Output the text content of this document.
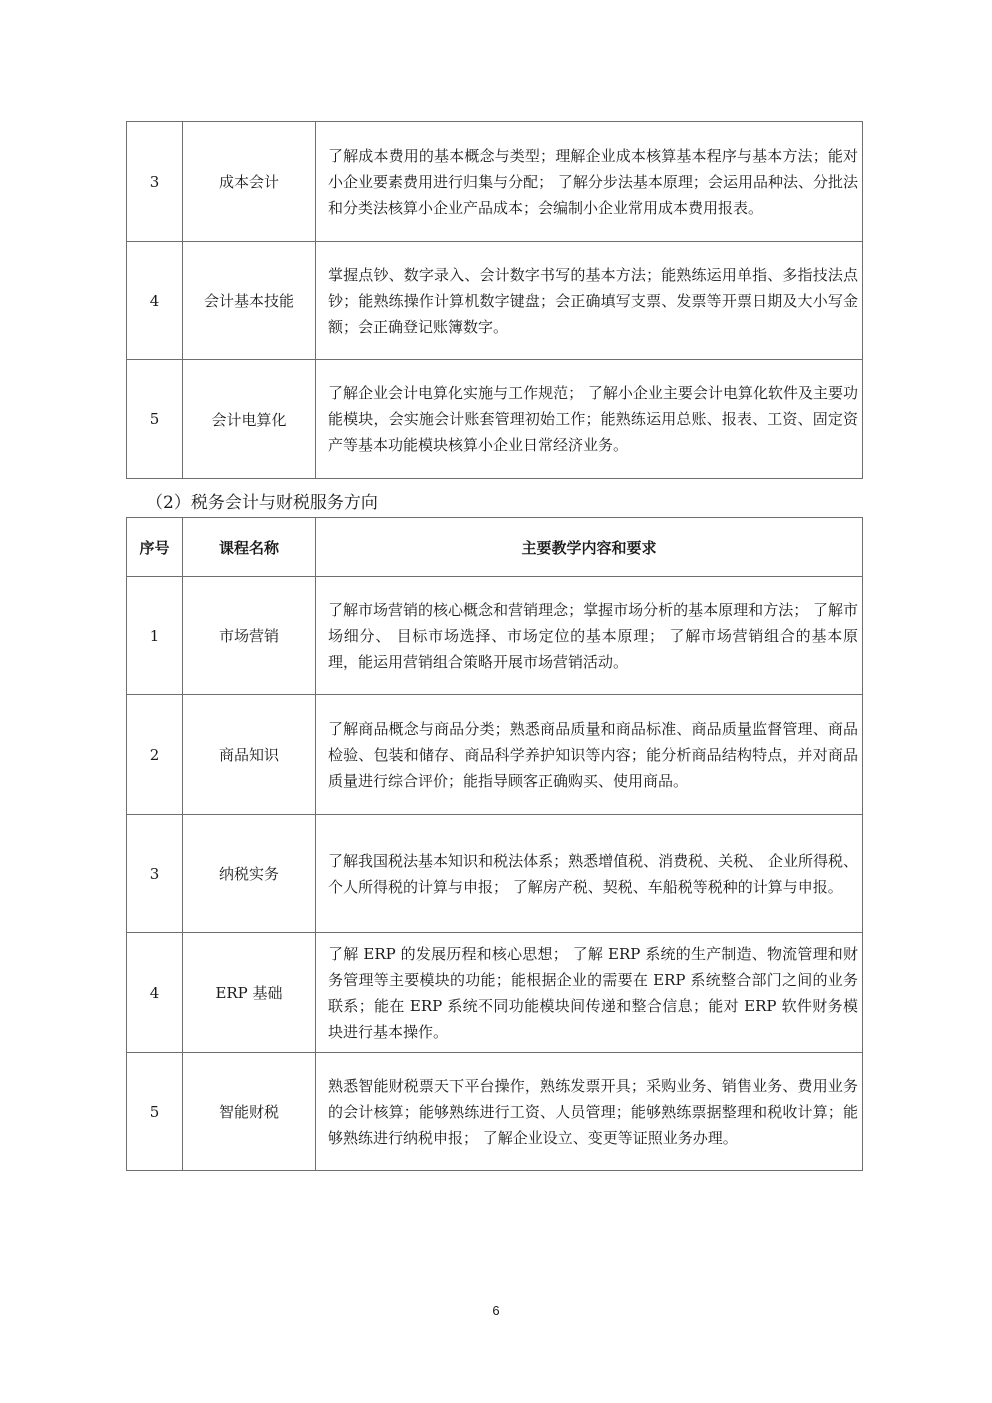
3	成本会计	了解成本费用的基本概念与类型；理解企业成本核算基本程序与基本方法；能对小企业要素费用进行归集与分配； 了解分步法基本原理；会运用品种法、分批法和分类法核算小企业产品成本；会编制小企业常用成本费用报表。
4	会计基本技能	掌握点钞、数字录入、会计数字书写的基本方法；能熟练运用单指、多指技法点钞；能熟练操作计算机数字键盘；会正确填写支票、发票等开票日期及大小写金额；会正确登记账簿数字。
5	会计电算化	了解企业会计电算化实施与工作规范； 了解小企业主要会计电算化软件及主要功能模块，会实施会计账套管理初始工作；能熟练运用总账、报表、工资、固定资产等基本功能模块核算小企业日常经济业务。
（2）税务会计与财税服务方向
序号	课程名称	主要教学内容和要求
1	市场营销	了解市场营销的核心概念和营销理念；掌握市场分析的基本原理和方法； 了解市场细分、 目标市场选择、市场定位的基本原理； 了解市场营销组合的基本原理，能运用营销组合策略开展市场营销活动。
2	商品知识	了解商品概念与商品分类；熟悉商品质量和商品标准、商品质量监督管理、商品检验、包装和储存、商品科学养护知识等内容；能分析商品结构特点，并对商品质量进行综合评价；能指导顾客正确购买、使用商品。
3	纳税实务	了解我国税法基本知识和税法体系；熟悉增值税、消费税、关税、 企业所得税、个人所得税的计算与申报； 了解房产税、契税、车船税等税种的计算与申报。
4	ERP 基础	了解 ERP 的发展历程和核心思想； 了解 ERP 系统的生产制造、物流管理和财务管理等主要模块的功能；能根据企业的需要在 ERP 系统整合部门之间的业务联系；能在 ERP 系统不同功能模块间传递和整合信息；能对 ERP 软件财务模块进行基本操作。
5	智能财税	熟悉智能财税票天下平台操作，熟练发票开具；采购业务、销售业务、费用业务的会计核算；能够熟练进行工资、人员管理；能够熟练票据整理和税收计算；能够熟练进行纳税申报； 了解企业设立、变更等证照业务办理。
6
